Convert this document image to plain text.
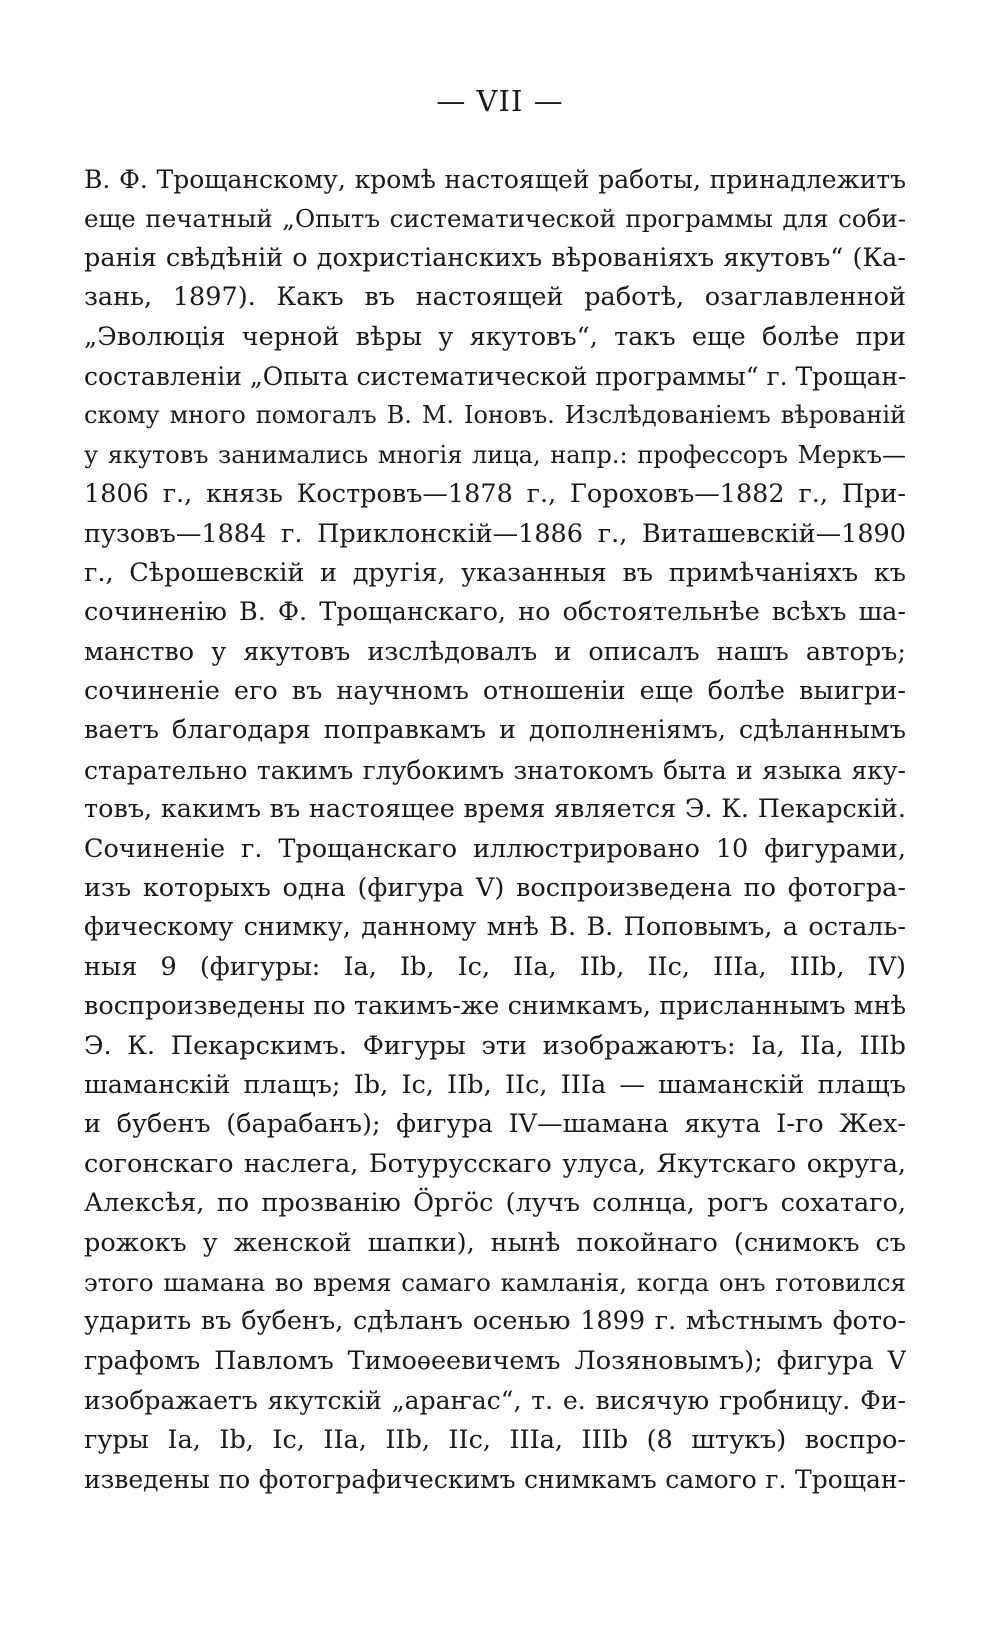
— VII —
В. Ф. Трощанскому, кромѣ настоящей работы, принадлежитъ
еще печатный „Опытъ систематической программы для соби-
ранія свѣдѣній о дохристіанскихъ вѣрованіяхъ якутовъ“ (Ка-
зань, 1897). Какъ въ настоящей работѣ, озаглавленной
„Эволюція черной вѣры у якутовъ“, такъ еще болѣе при
составленіи „Опыта систематической программы“ г. Трощан-
скому много помогалъ В. М. Іоновъ. Изслѣдованіемъ вѣрованій
у якутовъ занимались многія лица, напр.: профессоръ Меркъ—
1806 г., князь Костровъ—1878 г., Гороховъ—1882 г., При-
пузовъ—1884 г. Приклонскій—1886 г., Виташевскій—1890
г., Сѣрошевскій и другія, указанныя въ примѣчаніяхъ къ
сочиненію В. Ф. Трощанскаго, но обстоятельнѣе всѣхъ ша-
манство у якутовъ изслѣдовалъ и описалъ нашъ авторъ;
сочиненіе его въ научномъ отношеніи еще болѣе выигри-
ваетъ благодаря поправкамъ и дополненіямъ, сдѣланнымъ
старательно такимъ глубокимъ знатокомъ быта и языка яку-
товъ, какимъ въ настоящее время является Э. К. Пекарскій.
Сочиненіе г. Трощанскаго иллюстрировано 10 фигурами,
изъ которыхъ одна (фигура V) воспроизведена по фотогра-
фическому снимку, данному мнѣ В. В. Поповымъ, а осталь-
ныя 9 (фигуры: Ia, Ib, Ic, IIa, IIb, IIc, IIIa, IIIb, IV)
воспроизведены по такимъ-же снимкамъ, присланнымъ мнѣ
Э. К. Пекарскимъ. Фигуры эти изображаютъ: Ia, IIa, IIIb
шаманскій плащъ; Ib, Ic, IIb, IIc, IIIa — шаманскій плащъ
и бубенъ (барабанъ); фигура IV—шамана якута I-го Жех-
согонскаго наслега, Ботурусскаго улуса, Якутскаго округа,
Алексѣя, по прозванію Ӧргӧс (лучъ солнца, рогъ сохатаго,
рожокъ у женской шапки), нынѣ покойнаго (снимокъ съ
этого шамана во время самаго камланія, когда онъ готовился
ударить въ бубенъ, сдѣланъ осенью 1899 г. мѣстнымъ фото-
графомъ Павломъ Тимоѳеевичемъ Лозяновымъ); фигура V
изображаетъ якутскій „араҥас“, т. е. висячую гробницу. Фи-
гуры Ia, Ib, Ic, IIa, IIb, IIc, IIIa, IIIb (8 штукъ) воспро-
изведены по фотографическимъ снимкамъ самого г. Трощан-
